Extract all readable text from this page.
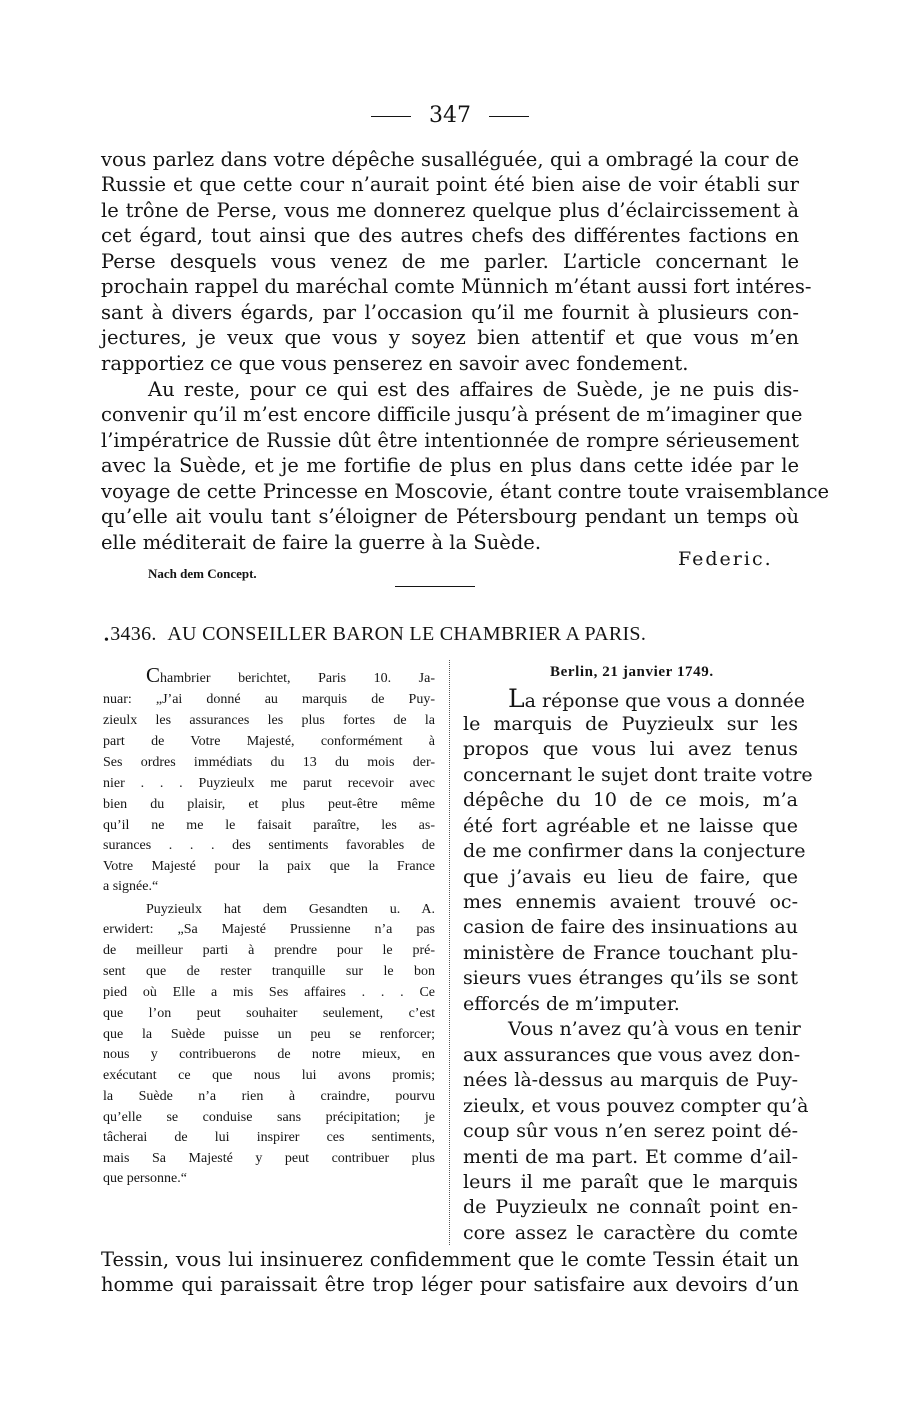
347
vous parlez dans votre dépêche susalléguée, qui a ombragé la cour de
Russie et que cette cour n’aurait point été bien aise de voir établi sur
le trône de Perse, vous me donnerez quelque plus d’éclaircissement à
cet égard, tout ainsi que des autres chefs des différentes factions en
Perse desquels vous venez de me parler. L’article concernant le
prochain rappel du maréchal comte Münnich m’étant aussi fort intéres-
sant à divers égards, par l’occasion qu’il me fournit à plusieurs con-
jectures, je veux que vous y soyez bien attentif et que vous m’en
rapportiez ce que vous penserez en savoir avec fondement.
Au reste, pour ce qui est des affaires de Suède, je ne puis dis-
convenir qu’il m’est encore difficile jusqu’à présent de m’imaginer que
l’impératrice de Russie dût être intentionnée de rompre sérieusement
avec la Suède, et je me fortifie de plus en plus dans cette idée par le
voyage de cette Princesse en Moscovie, étant contre toute vraisemblance
qu’elle ait voulu tant s’éloigner de Pétersbourg pendant un temps où
elle méditerait de faire la guerre à la Suède.
Federic.
Nach dem Concept.
$_•$3436. AU CONSEILLER BARON LE CHAMBRIER A PARIS.
Chambrier berichtet, Paris 10. Ja-
nuar: „J’ai donné au marquis de Puy-
zieulx les assurances les plus fortes de la
part de Votre Majesté, conformément à
Ses ordres immédiats du 13 du mois der-
nier . . . Puyzieulx me parut recevoir avec
bien du plaisir, et plus peut-être même
qu’il ne me le faisait paraître, les as-
surances . . . des sentiments favorables de
Votre Majesté pour la paix que la France
a signée.“
Puyzieulx hat dem Gesandten u. A.
erwidert: „Sa Majesté Prussienne n’a pas
de meilleur parti à prendre pour le pré-
sent que de rester tranquille sur le bon
pied où Elle a mis Ses affaires . . . Ce
que l’on peut souhaiter seulement, c’est
que la Suède puisse un peu se renforcer;
nous y contribuerons de notre mieux, en
exécutant ce que nous lui avons promis;
la Suède n’a rien à craindre, pourvu
qu’elle se conduise sans précipitation; je
tâcherai de lui inspirer ces sentiments,
mais Sa Majesté y peut contribuer plus
que personne.“
Berlin, 21 janvier 1749.
La réponse que vous a donnée
le marquis de Puyzieulx sur les
propos que vous lui avez tenus
concernant le sujet dont traite votre
dépêche du 10 de ce mois, m’a
été fort agréable et ne laisse que
de me confirmer dans la conjecture
que j’avais eu lieu de faire, que
mes ennemis avaient trouvé oc-
casion de faire des insinuations au
ministère de France touchant plu-
sieurs vues étranges qu’ils se sont
efforcés de m’imputer.
Vous n’avez qu’à vous en tenir
aux assurances que vous avez don-
nées là-dessus au marquis de Puy-
zieulx, et vous pouvez compter qu’à
coup sûr vous n’en serez point dé-
menti de ma part. Et comme d’ail-
leurs il me paraît que le marquis
de Puyzieulx ne connaît point en-
core assez le caractère du comte
Tessin, vous lui insinuerez confidemment que le comte Tessin était un
homme qui paraissait être trop léger pour satisfaire aux devoirs d’un
